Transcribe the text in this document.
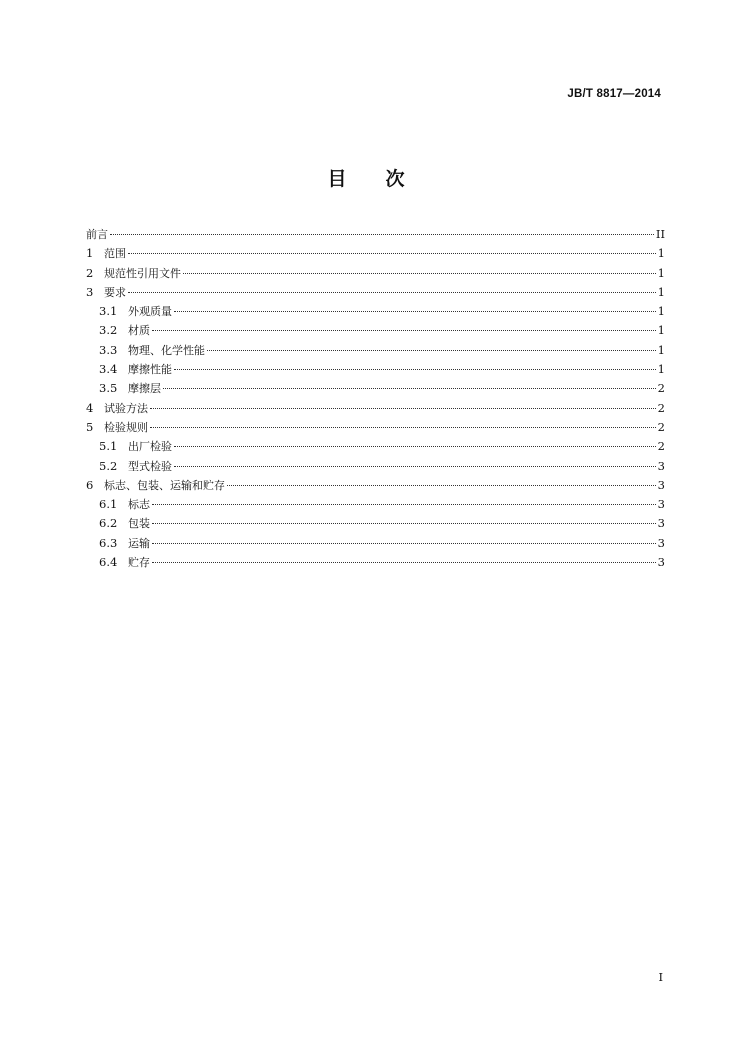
JB/T 8817—2014
目 次
前言	II
1 范围	1
2 规范性引用文件	1
3 要求	1
3.1 外观质量	1
3.2 材质	1
3.3 物理、化学性能	1
3.4 摩擦性能	1
3.5 摩擦层	2
4 试验方法	2
5 检验规则	2
5.1 出厂检验	2
5.2 型式检验	3
6 标志、包装、运输和贮存	3
6.1 标志	3
6.2 包装	3
6.3 运输	3
6.4 贮存	3
I
